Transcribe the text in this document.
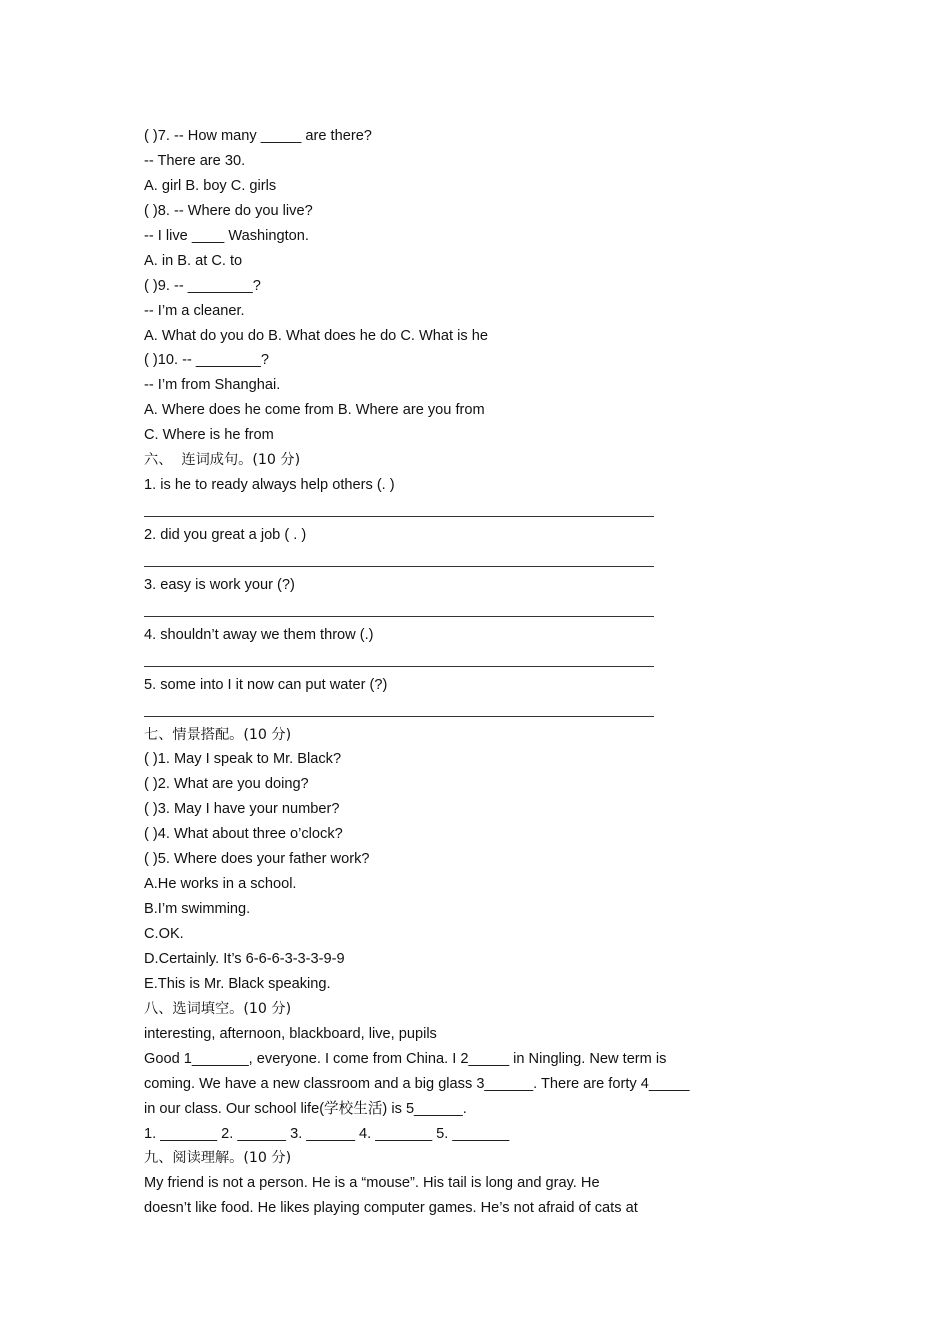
( )7. -- How many _____ are there?
-- There are 30.
A. girl B. boy C. girls
( )8. -- Where do you live?
-- I live ____ Washington.
A. in B. at C. to
( )9. -- ________?
-- I’m a cleaner.
A. What do you do B. What does he do C. What is he
( )10. -- ________?
-- I’m from Shanghai.
A. Where does he come from B. Where are you from
C. Where is he from
六、  连词成句。(10 分)
1. is he to ready always help others (. )
2. did you great a job ( . )
3. easy is work your (?)
4. shouldn’t away we them throw (.)
5. some into I it now can put water (?)
七、情景搭配。(10 分)
( )1. May I speak to Mr. Black?
( )2. What are you doing?
( )3. May I have your number?
( )4. What about three o’clock?
( )5. Where does your father work?
A.He works in a school.
B.I’m swimming.
C.OK.
D.Certainly. It’s 6-6-6-3-3-3-9-9
E.This is Mr. Black speaking.
八、选词填空。(10 分)
interesting, afternoon, blackboard, live, pupils
Good 1_______, everyone. I come from China. I 2_____ in Ningling. New term is
coming. We have a new classroom and a big glass 3______. There are forty 4_____
in our class. Our school life(学校生活) is 5______.
1. _______ 2. ______ 3. ______ 4. _______ 5. _______
九、阅读理解。(10 分)
My friend is not a person. He is a “mouse”. His tail is long and gray. He
doesn’t like food. He likes playing computer games. He’s not afraid of cats at
